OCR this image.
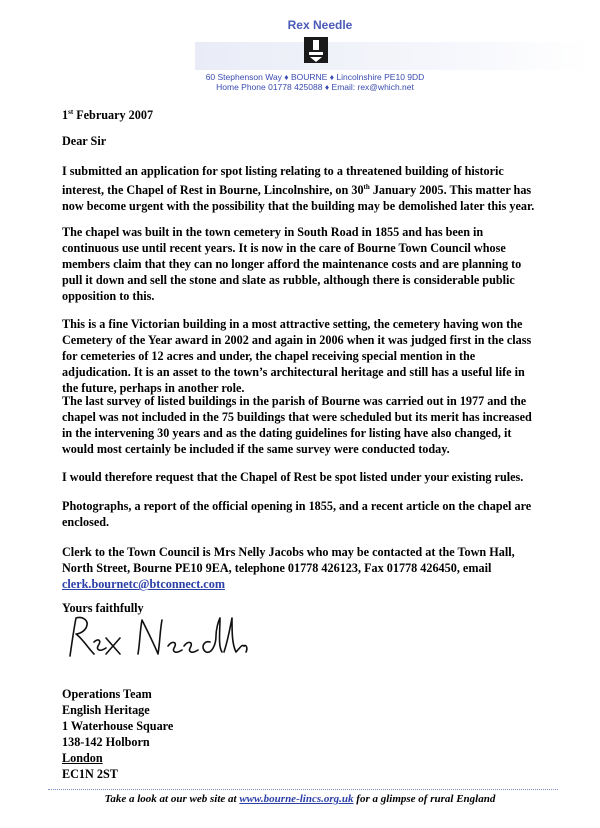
Rex Needle
60 Stephenson Way ♦ BOURNE ♦ Lincolnshire PE10 9DD
Home Phone 01778 425088 ♦ Email: rex@which.net
1st February 2007
Dear Sir
I submitted an application for spot listing relating to a threatened building of historic
interest, the Chapel of Rest in Bourne, Lincolnshire, on 30th January 2005. This matter has
now become urgent with the possibility that the building may be demolished later this year.
The chapel was built in the town cemetery in South Road in 1855 and has been in
continuous use until recent years. It is now in the care of Bourne Town Council whose
members claim that they can no longer afford the maintenance costs and are planning to
pull it down and sell the stone and slate as rubble, although there is considerable public
opposition to this.
This is a fine Victorian building in a most attractive setting, the cemetery having won the
Cemetery of the Year award in 2002 and again in 2006 when it was judged first in the class
for cemeteries of 12 acres and under, the chapel receiving special mention in the
adjudication. It is an asset to the town’s architectural heritage and still has a useful life in
the future, perhaps in another role.
The last survey of listed buildings in the parish of Bourne was carried out in 1977 and the
chapel was not included in the 75 buildings that were scheduled but its merit has increased
in the intervening 30 years and as the dating guidelines for listing have also changed, it
would most certainly be included if the same survey were conducted today.
I would therefore request that the Chapel of Rest be spot listed under your existing rules.
Photographs, a report of the official opening in 1855, and a recent article on the chapel are
enclosed.
Clerk to the Town Council is Mrs Nelly Jacobs who may be contacted at the Town Hall,
North Street, Bourne PE10 9EA, telephone 01778 426123, Fax 01778 426450, email
clerk.bournetc@btconnect.com
Yours faithfully
Operations Team
English Heritage
1 Waterhouse Square
138-142 Holborn
London
EC1N 2ST
Take a look at our web site at www.bourne-lincs.org.uk for a glimpse of rural England
